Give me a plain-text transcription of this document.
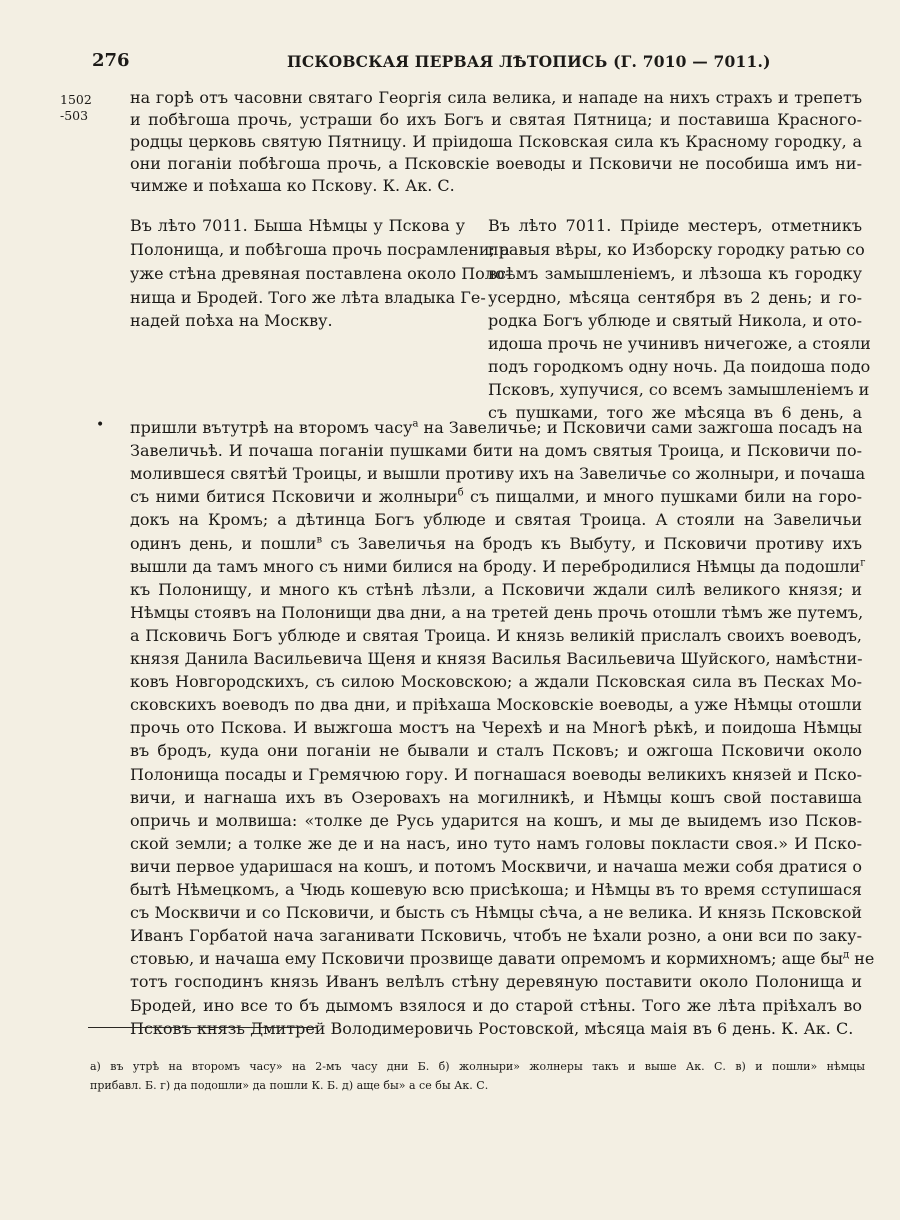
276	ПСКОВСКАЯ ПЕРВАЯ ЛѢТОПИСЬ (Г. 7010 — 7011.)
1502
-503
на горѣ отъ часовни святаго Георгія сила велика, и нападе на нихъ страхъ и трепетъ
и побѣгоша прочь, устраши бо ихъ Богъ и святая Пятница; и поставиша Красного-
родцы церковь святую Пятницу. И пріидоша Псковская сила къ Красному городку, а
они поганіи побѣгоша прочь, а Псковскіе воеводы и Псковичи не пособиша имъ ни-
чимже и поѣхаша ко Пскову. К. Ак. С.
Въ лѣто 7011. Быша Нѣмцы у Пскова у
Полонища, и побѣгоша прочь посрамлени; а
уже стѣна древяная поставлена около Поло-
нища и Бродей. Того же лѣта владыка Ге-
надей поѣха на Москву.
Въ лѣто 7011. Пріиде местеръ, отметникъ
правыя вѣры, ко Изборску городку ратью со
всѣмъ замышленіемъ, и лѣзоша къ городку
усердно, мѣсяца сентября въ 2 день; и го-
родка Богъ ублюде и святый Никола, и ото-
идоша прочь не учинивъ ничегоже, а стояли
подъ городкомъ одну ночь. Да поидоша подо
Псковъ, хупучися, со всемъ замышленіемъ и
съ пушками, того же мѣсяца въ 6 день, а
• пришли вътутрѣ на второмъ часу$^а$ на Завеличье; и Псковичи сами зажгоша посадъ на
Завеличьѣ. И почаша поганіи пушками бити на домъ святыя Троица, и Псковичи по-
молившеся святѣй Троицы, и вышли противу ихъ на Завеличье со жолныри, и почаша
съ ними битися Псковичи и жолныри$^б$ съ пищалми, и много пушками били на горо-
докъ на Кромъ; а дѣтинца Богъ ублюде и святая Троица. А стояли на Завеличьи
одинъ день, и пошли$^в$ съ Завеличья на бродъ къ Выбуту, и Псковичи противу ихъ
вышли да тамъ много съ ними билися на броду. И перебродилися Нѣмцы да подошли$^г$
къ Полонищу, и много къ стѣнѣ лѣзли, а Псковичи ждали силѣ великого князя; и
Нѣмцы стоявъ на Полонищи два дни, а на третей день прочь отошли тѣмъ же путемъ,
а Псковичь Богъ ублюде и святая Троица. И князь великій прислалъ своихъ воеводъ,
князя Данила Васильевича Щеня и князя Василья Васильевича Шуйского, намѣстни-
ковъ Новгородскихъ, съ силою Московскою; а ждали Псковская сила въ Песках Мо-
сковскихъ воеводъ по два дни, и пріѣхаша Московскіе воеводы, а уже Нѣмцы отошли
прочь ото Пскова. И выжгоша мостъ на Черехѣ и на Многѣ рѣкѣ, и поидоша Нѣмцы
въ бродъ, куда они поганіи не бывали и сталъ Псковъ; и ожгоша Псковичи около
Полонища посады и Гремячюю гору. И погнашася воеводы великихъ князей и Пско-
вичи, и нагнаша ихъ въ Озеровахъ на могилникѣ, и Нѣмцы кошъ свой поставиша
опричь и молвиша: «толке де Русь ударится на кошъ, и мы де выидемъ изо Псков-
ской земли; а толке же де и на насъ, ино туто намъ головы покласти своя.» И Пско-
вичи первое ударишася на кошъ, и потомъ Москвичи, и начаша межи собя дратися о
бытѣ Нѣмецкомъ, а Чюдь кошевую всю присѣкоша; и Нѣмцы въ то время сступишася
съ Москвичи и со Псковичи, и бысть съ Нѣмцы сѣча, а не велика. И князь Псковской
Иванъ Горбатой нача заганивати Псковичь, чтобъ не ѣхали розно, а они вси по заку-
стовью, и начаша ему Псковичи прозвище давати опремомъ и кормихномъ; аще $бы^д$ не
тотъ господинъ князь Иванъ велѣлъ стѣну деревяную поставити около Полонища и
Бродей, ино все то бъ дымомъ взялося и до старой стѣны. Того же лѣта пріѣхалъ во
Псковъ князь Дмитрей Володимеровичь Ростовской, мѣсяца маія въ 6 день. К. Ак. С.
а) въ утрѣ на второмъ часу» на 2-мъ часу дни Б. б) жолныри» жолнеры такъ и выше Ак. С. в) и пошли» нѣмцы
прибавл. Б. г) да подошли» да пошли К. Б. д) аще бы» а се бы Ак. С.
